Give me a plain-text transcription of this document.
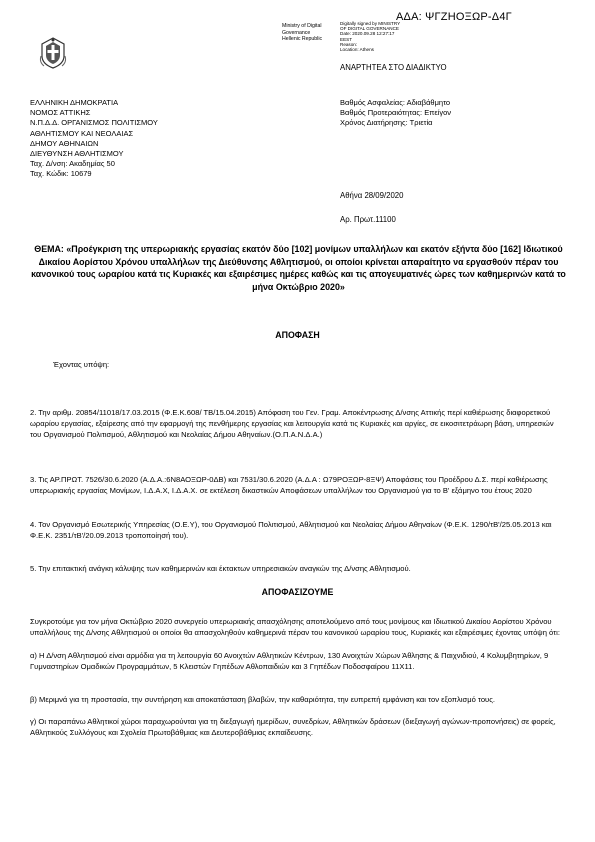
ΑΔΑ: ΨΓΖΗΟΞΩΡ-Δ4Γ
Ministry of Digital
Governance
Hellenic Republic
Digitally signed by MINISTRY
OF DIGITAL GOVERNANCE
Date: 2020.09.28 12:27:17
EEST
Reason:
Location: Athens
ΑΝΑΡΤΗΤΕΑ ΣΤΟ ΔΙΑΔΙΚΤΥΟ
ΕΛΛΗΝΙΚΗ ΔΗΜΟΚΡΑΤΙΑ
ΝΟΜΟΣ ΑΤΤΙΚΗΣ
Ν.Π.Δ.Δ. ΟΡΓΑΝΙΣΜΟΣ ΠΟΛΙΤΙΣΜΟΥ
ΑΘΛΗΤΙΣΜΟΥ ΚΑΙ ΝΕΟΛΑΙΑΣ
ΔΗΜΟΥ ΑΘΗΝΑΙΩΝ
ΔΙΕΥΘΥΝΣΗ ΑΘΛΗΤΙΣΜΟΥ
Ταχ. Δ/νση: Ακαδημίας 50
Ταχ. Κώδικ: 10679
Βαθμός Ασφαλείας: Αδιαβάθμητο
Βαθμός Προτεραιότητας: Επείγον
Χρόνος Διατήρησης: Τριετία
Αθήνα 28/09/2020
Αρ. Πρωτ.11100
ΘΕΜΑ: «Προέγκριση της υπερωριακής εργασίας εκατόν δύο [102] μονίμων υπαλλήλων και εκατόν εξήντα δύο [162] Ιδιωτικού Δικαίου Αορίστου Χρόνου υπαλλήλων της Διεύθυνσης Αθλητισμού, οι οποίοι κρίνεται απαραίτητο να εργασθούν πέραν του κανονικού τους ωραρίου κατά τις Κυριακές και εξαιρέσιμες ημέρες καθώς και τις απογευματινές ώρες των καθημερινών κατά το μήνα Οκτώβριο 2020»
ΑΠΟΦΑΣΗ
Έχοντας υπόψη:
2. Την αριθμ. 20854/11018/17.03.2015 (Φ.Ε.Κ.608/ ΤΒ/15.04.2015) Απόφαση του Γεν. Γραμ. Αποκέντρωσης Δ/νσης Αττικής περί καθιέρωσης διαφορετικού ωραρίου εργασίας, εξαίρεσης από την εφαρμογή της πενθήμερης εργασίας και λειτουργία κατά τις Κυριακές και αργίες, σε εικοσιτετράωρη βάση, υπηρεσιών του Οργανισμού Πολιτισμού, Αθλητισμού και Νεολαίας Δήμου Αθηναίων.(Ο.Π.Α.Ν.Δ.Α.)
3. Τις ΑΡ.ΠΡΩΤ. 7526/30.6.2020 (Α.Δ.Α.:6Ν8ΑΟΞΩΡ-0ΔΒ) και 7531/30.6.2020 (Α.Δ.Α : Ω79ΡΟΞΩΡ-8ΞΨ) Αποφάσεις του Προέδρου Δ.Σ. περί καθιέρωσης υπερωριακής εργασίας Μονίμων, Ι.Δ.Α.Χ, Ι.Δ.Α.Χ. σε εκτέλεση δικαστικών Αποφάσεων υπαλλήλων του Οργανισμού για το Β' εξάμηνο του έτους 2020
4. Τον Οργανισμό Εσωτερικής Υπηρεσίας (Ο.Ε.Υ), του Οργανισμού Πολιτισμού, Αθλητισμού και Νεολαίας Δήμου Αθηναίων (Φ.Ε.Κ. 1290/τΒ'/25.05.2013 και Φ.Ε.Κ. 2351/τΒ'/20.09.2013 τροποποίησή του).
5. Την επιτακτική ανάγκη κάλυψης των καθημερινών και έκτακτων υπηρεσιακών αναγκών της Δ/νσης Αθλητισμού.
ΑΠΟΦΑΣΙΖΟΥΜΕ
Συγκροτούμε για τον μήνα Οκτώβριο 2020 συνεργείο υπερωριακής απασχόλησης αποτελούμενο από τους μονίμους και Ιδιωτικού Δικαίου Αορίστου Χρόνου υπαλλήλους της Δ/νσης Αθλητισμού οι οποίοι θα απασχοληθούν καθημερινά πέραν του κανονικού ωραρίου τους, Κυριακές και εξαιρέσιμες έχοντας υπόψη ότι:
α) Η Δ/νση Αθλητισμού είναι αρμόδια για τη λειτουργία 60 Ανοιχτών Αθλητικών Κέντρων, 130 Ανοιχτών Χώρων Άθλησης & Παιχνιδιού, 4 Κολυμβητηρίων, 9 Γυμναστηρίων Ομαδικών Προγραμμάτων, 5 Κλειστών Γηπέδων Αθλοπαιδιών και 3 Γηπέδων Ποδοσφαίρου 11Χ11.
β) Μεριμνά για τη προστασία, την συντήρηση και αποκατάσταση βλαβών, την καθαριότητα, την ευπρεπή εμφάνιση και τον εξοπλισμό τους.
γ) Οι παραπάνω Αθλητικοί χώροι παραχωρούνται για τη διεξαγωγή ημερίδων, συνεδρίων, Αθλητικών δράσεων (διεξαγωγή αγώνων-προπονήσεις) σε φορείς, Αθλητικούς Συλλόγους και Σχολεία Πρωτοβάθμιας και Δευτεροβάθμιας εκπαίδευσης.
